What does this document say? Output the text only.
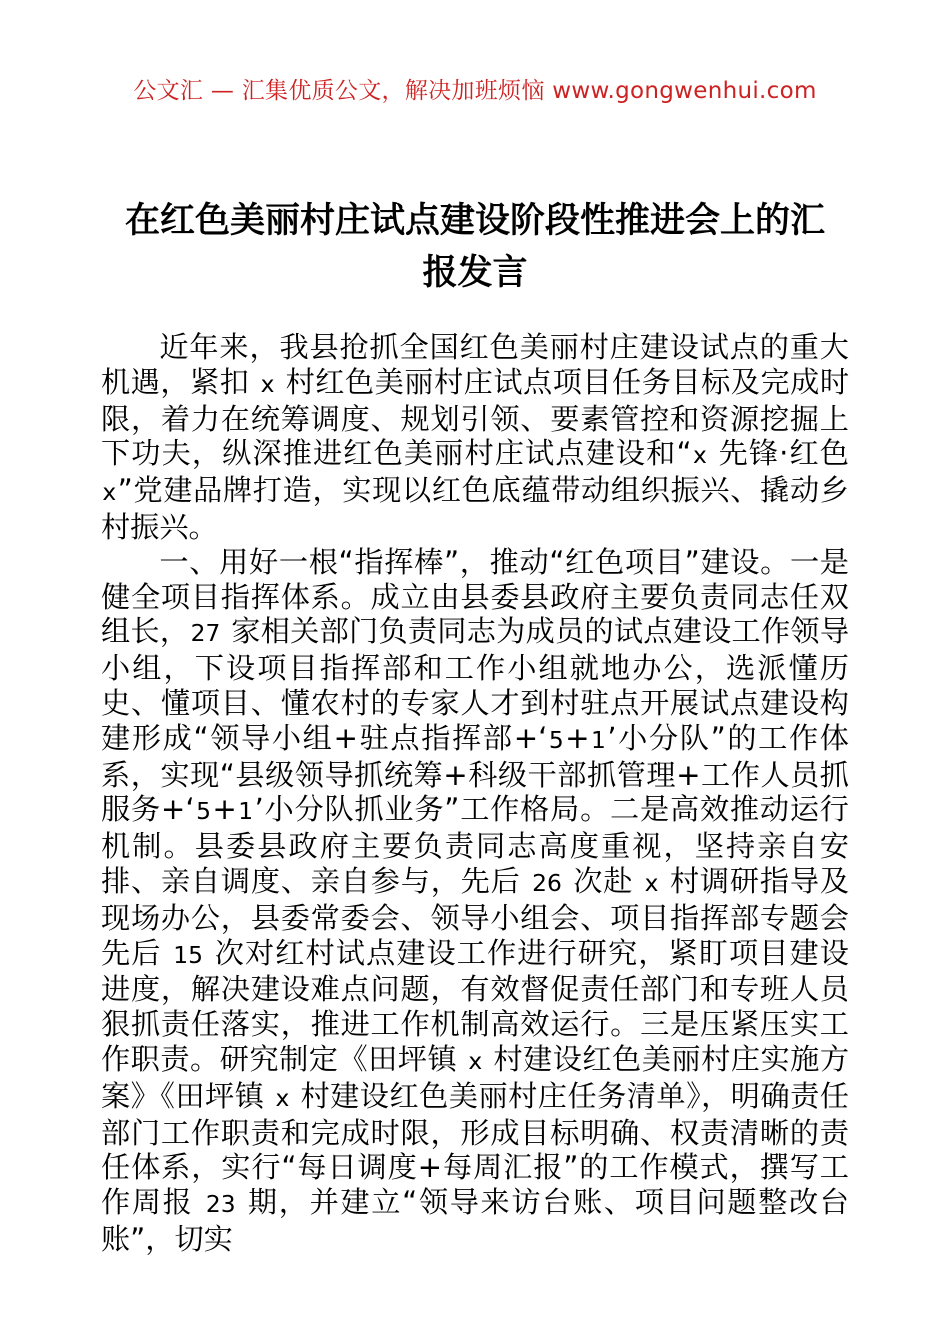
公文汇 — 汇集优质公文，解决加班烦恼 www.gongwenhui.com
在红色美丽村庄试点建设阶段性推进会上的汇报发言

近年来，我县抢抓全国红色美丽村庄建设试点的重大机遇，紧扣 x 村红色美丽村庄试点项目任务目标及完成时限，着力在统筹调度、规划引领、要素管控和资源挖掘上下功夫，纵深推进红色美丽村庄试点建设和“x 先锋·红色 x”党建品牌打造，实现以红色底蕴带动组织振兴、撬动乡村振兴。

一、用好一根“指挥棒”，推动“红色项目”建设。一是健全项目指挥体系。成立由县委县政府主要负责同志任双组长，27 家相关部门负责同志为成员的试点建设工作领导小组，下设项目指挥部和工作小组就地办公，选派懂历史、懂项目、懂农村的专家人才到村驻点开展试点建设构建形成“领导小组+驻点指挥部+‘5+1’小分队”的工作体系，实现“县级领导抓统筹+科级干部抓管理+工作人员抓服务+‘5+1’小分队抓业务”工作格局。二是高效推动运行机制。县委县政府主要负责同志高度重视，坚持亲自安排、亲自调度、亲自参与，先后 26 次赴 x 村调研指导及现场办公，县委常委会、领导小组会、项目指挥部专题会先后 15 次对红村试点建设工作进行研究，紧盯项目建设进度，解决建设难点问题，有效督促责任部门和专班人员狠抓责任落实，推进工作机制高效运行。三是压紧压实工作职责。研究制定《田坪镇 x 村建设红色美丽村庄实施方案》《田坪镇 x 村建设红色美丽村庄任务清单》，明确责任部门工作职责和完成时限，形成目标明确、权责清晰的责任体系，实行“每日调度+每周汇报”的工作模式，撰写工作周报 23 期，并建立“领导来访台账、项目问题整改台账”，切实
